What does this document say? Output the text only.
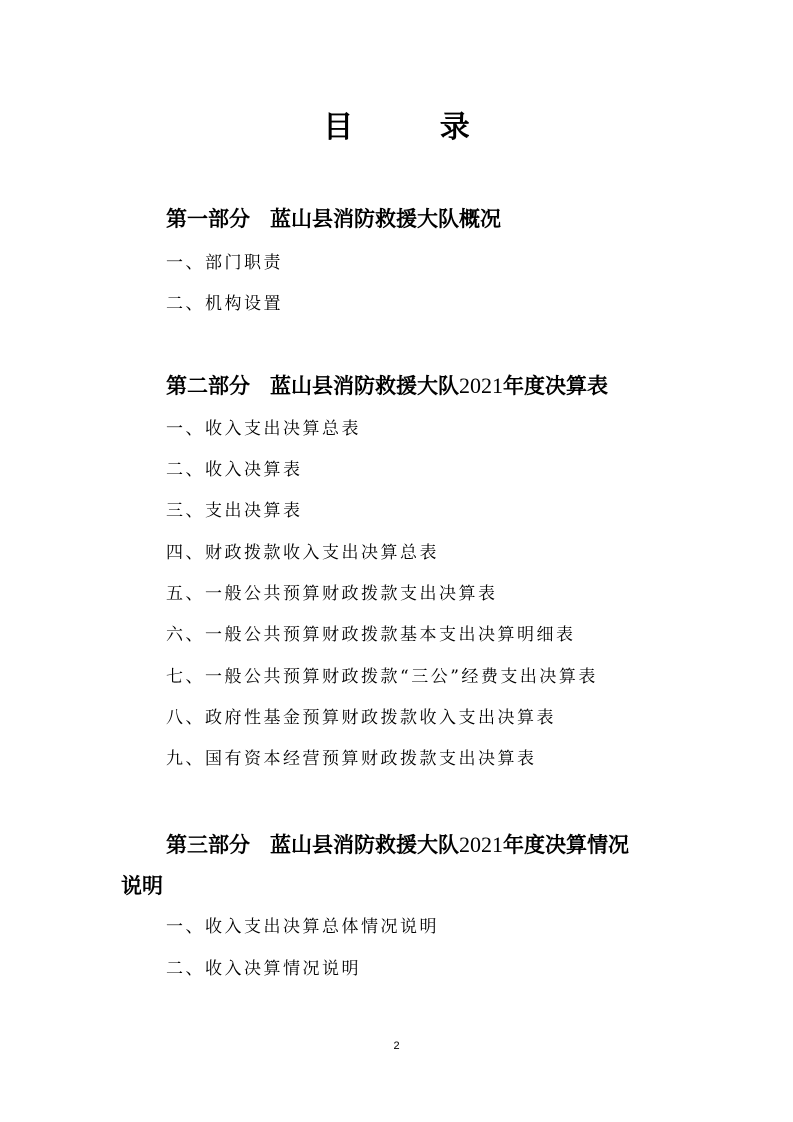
目 录
第一部分 蓝山县消防救援大队概况
一、部门职责
二、机构设置
第二部分 蓝山县消防救援大队2021年度决算表
一、收入支出决算总表
二、收入决算表
三、支出决算表
四、财政拨款收入支出决算总表
五、一般公共预算财政拨款支出决算表
六、一般公共预算财政拨款基本支出决算明细表
七、一般公共预算财政拨款“三公”经费支出决算表
八、政府性基金预算财政拨款收入支出决算表
九、国有资本经营预算财政拨款支出决算表
第三部分 蓝山县消防救援大队2021年度决算情况
说明
一、收入支出决算总体情况说明
二、收入决算情况说明
2
